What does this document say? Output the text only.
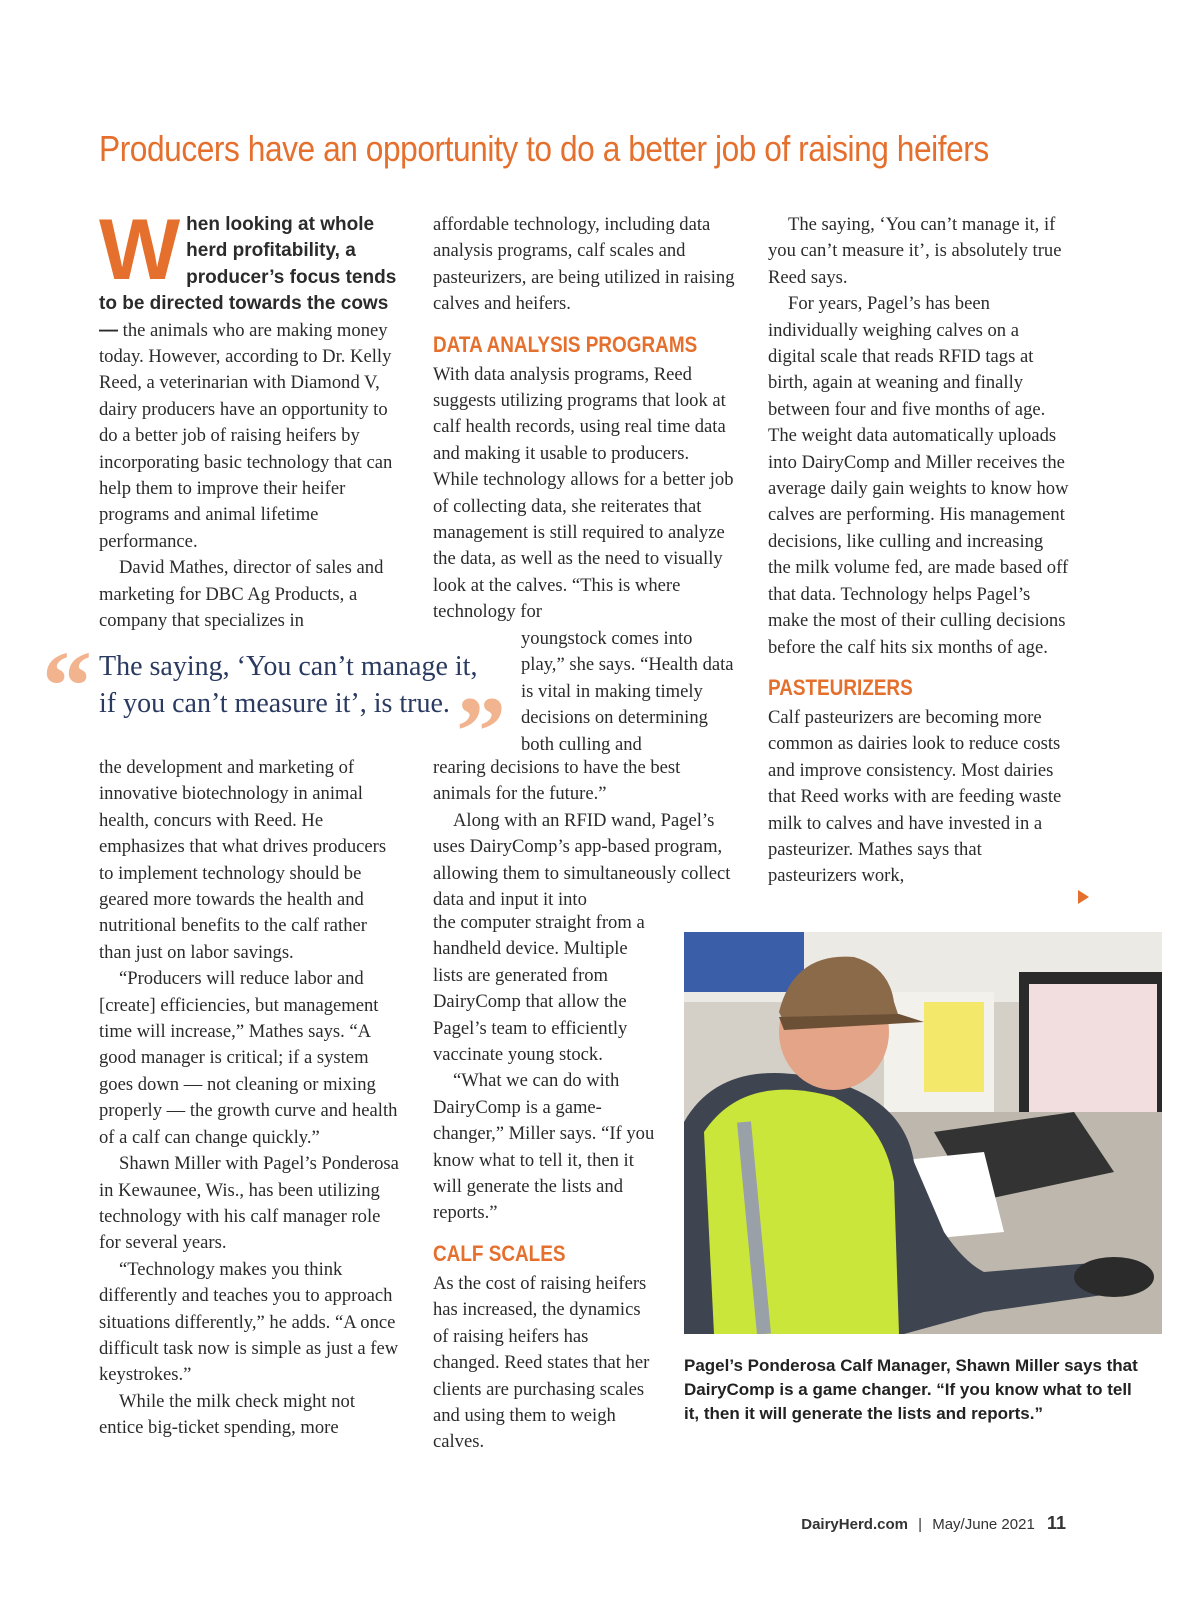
Producers have an opportunity to do a better job of raising heifers

W hen looking at whole herd profitability, a producer’s focus tends to be directed towards the cows — the animals who are making money today. However, according to Dr. Kelly Reed, a veterinarian with Diamond V, dairy producers have an opportunity to do a better job of raising heifers by incorporating basic technology that can help them to improve their heifer programs and animal lifetime performance.

David Mathes, director of sales and marketing for DBC Ag Products, a company that specializes in

“ The saying, ‘You can’t manage it, if you can’t measure it’, is true. ”

the development and marketing of innovative biotechnology in animal health, concurs with Reed. He emphasizes that what drives producers to implement technology should be geared more towards the health and nutritional benefits to the calf rather than just on labor savings.

“Producers will reduce labor and [create] efficiencies, but management time will increase,” Mathes says. “A good manager is critical; if a system goes down — not cleaning or mixing properly — the growth curve and health of a calf can change quickly.”

Shawn Miller with Pagel’s Ponderosa in Kewaunee, Wis., has been utilizing technology with his calf manager role for several years.

“Technology makes you think differently and teaches you to approach situations differently,” he adds. “A once difficult task now is simple as just a few keystrokes.”

While the milk check might not entice big-ticket spending, more

affordable technology, including data analysis programs, calf scales and pasteurizers, are being utilized in raising calves and heifers.

DATA ANALYSIS PROGRAMS

With data analysis programs, Reed suggests utilizing programs that look at calf health records, using real time data and making it usable to producers. While technology allows for a better job of collecting data, she reiterates that management is still required to analyze the data, as well as the need to visually look at the calves. “This is where technology for

youngstock comes into play,” she says. “Health data is vital in making timely decisions on determining both culling and

rearing decisions to have the best animals for the future.”

Along with an RFID wand, Pagel’s uses DairyComp’s app-based program, allowing them to simultaneously collect data and input it into

the computer straight from a handheld device. Multiple lists are generated from DairyComp that allow the Pagel’s team to efficiently vaccinate young stock.

“What we can do with DairyComp is a game-changer,” Miller says. “If you know what to tell it, then it will generate the lists and reports.”

CALF SCALES

As the cost of raising heifers has increased, the dynamics of raising heifers has changed. Reed states that her clients are purchasing scales and using them to weigh calves.

The saying, ‘You can’t manage it, if you can’t measure it’, is absolutely true Reed says.

For years, Pagel’s has been individually weighing calves on a digital scale that reads RFID tags at birth, again at weaning and finally between four and five months of age. The weight data automatically uploads into DairyComp and Miller receives the average daily gain weights to know how calves are performing. His management decisions, like culling and increasing the milk volume fed, are made based off that data. Technology helps Pagel’s make the most of their culling decisions before the calf hits six months of age.

PASTEURIZERS

Calf pasteurizers are becoming more common as dairies look to reduce costs and improve consistency. Most dairies that Reed works with are feeding waste milk to calves and have invested in a pasteurizer. Mathes says that pasteurizers work,

Pagel’s Ponderosa Calf Manager, Shawn Miller says that DairyComp is a game changer. “If you know what to tell it, then it will generate the lists and reports.”
DairyHerd.com | May/June 2021 11
